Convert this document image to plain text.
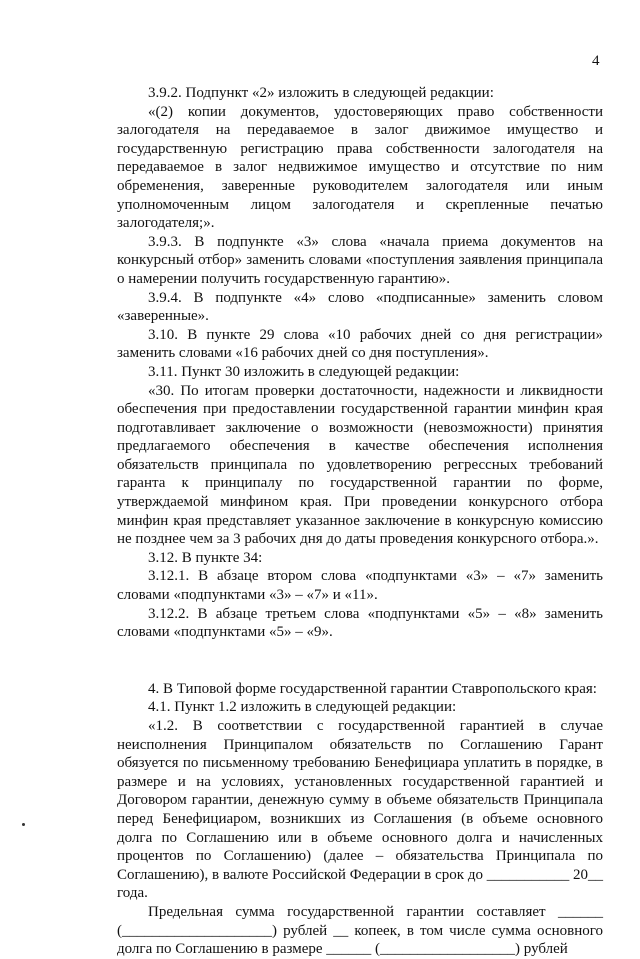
4

3.9.2. Подпункт «2» изложить в следующей редакции:

«(2) копии документов, удостоверяющих право собственности залогодателя на передаваемое в залог движимое имущество и государственную регистрацию права собственности залогодателя на передаваемое в залог недвижимое имущество и отсутствие по ним обременения, заверенные руководителем залогодателя или иным уполномоченным лицом залогодателя и скрепленные печатью залогодателя;».

3.9.3. В подпункте «3» слова «начала приема документов на конкурсный отбор» заменить словами «поступления заявления принципала о намерении получить государственную гарантию».

3.9.4. В подпункте «4» слово «подписанные» заменить словом «заверенные».

3.10. В пункте 29 слова «10 рабочих дней со дня регистрации» заменить словами «16 рабочих дней со дня поступления».

3.11. Пункт 30 изложить в следующей редакции:

«30. По итогам проверки достаточности, надежности и ликвидности обеспечения при предоставлении государственной гарантии минфин края подготавливает заключение о возможности (невозможности) принятия предлагаемого обеспечения в качестве обеспечения исполнения обязательств принципала по удовлетворению регрессных требований гаранта к принципалу по государственной гарантии по форме, утверждаемой минфином края. При проведении конкурсного отбора минфин края представляет указанное заключение в конкурсную комиссию не позднее чем за 3 рабочих дня до даты проведения конкурсного отбора.».

3.12. В пункте 34:

3.12.1. В абзаце втором слова «подпунктами «3» – «7» заменить словами «подпунктами «3» – «7» и «11».

3.12.2. В абзаце третьем слова «подпунктами «5» – «8» заменить словами «подпунктами «5» – «9».

4. В Типовой форме государственной гарантии Ставропольского края:

4.1. Пункт 1.2 изложить в следующей редакции:

«1.2. В соответствии с государственной гарантией в случае неисполнения Принципалом обязательств по Соглашению Гарант обязуется по письменному требованию Бенефициара уплатить в порядке, в размере и на условиях, установленных государственной гарантией и Договором гарантии, денежную сумму в объеме обязательств Принципала перед Бенефициаром, возникших из Соглашения (в объеме основного долга по Соглашению или в объеме основного долга и начисленных процентов по Соглашению) (далее – обязательства Принципала по Соглашению), в валюте Российской Федерации в срок до ___________ 20__ года.

Предельная сумма государственной гарантии составляет ______ (____________________) рублей __ копеек, в том числе сумма основного долга по Соглашению в размере ______ (__________________) рублей
